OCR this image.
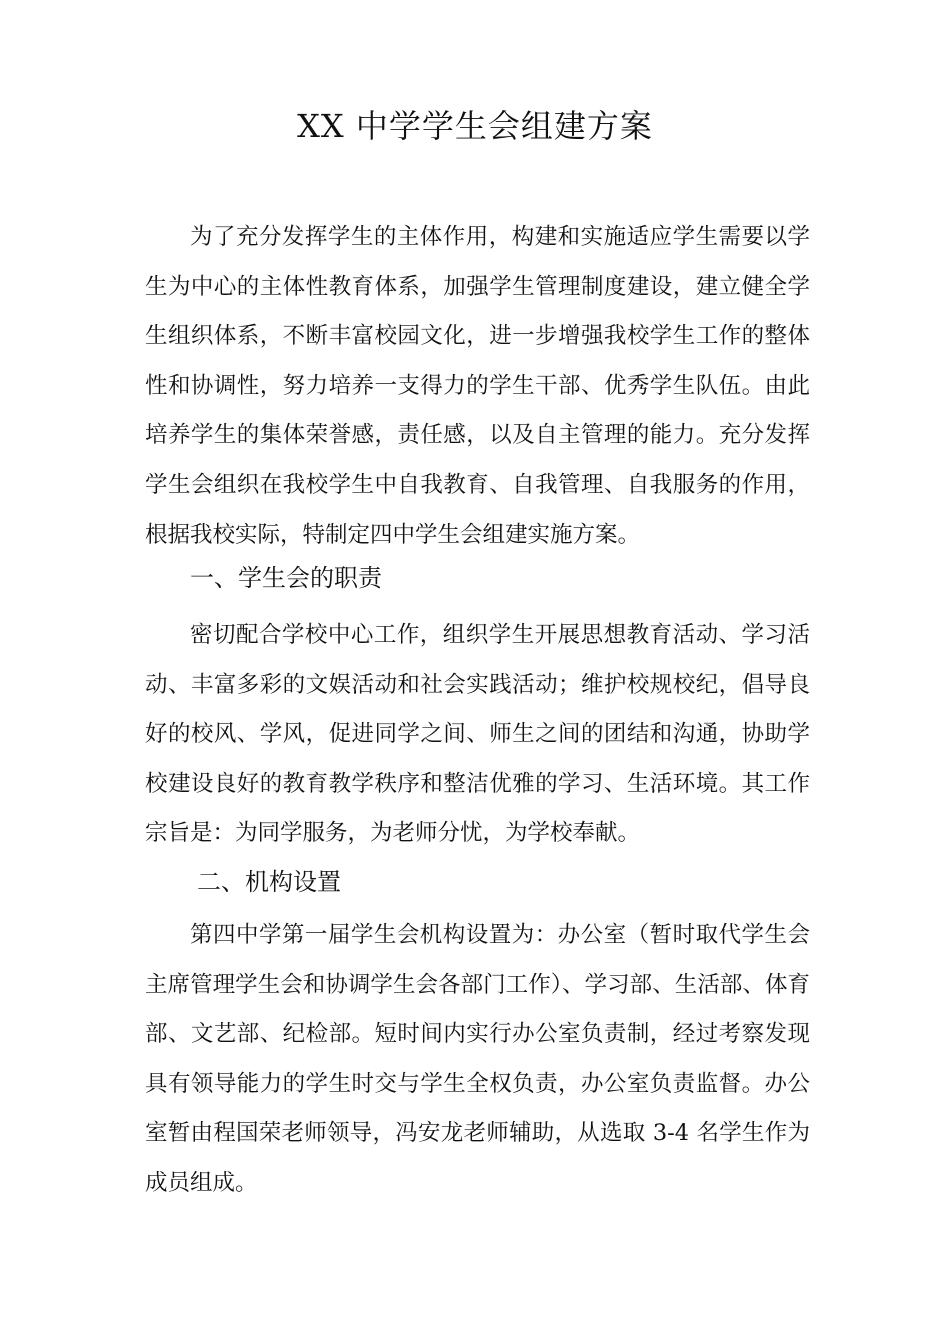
XX 中学学生会组建方案

为了充分发挥学生的主体作用，构建和实施适应学生需要以学生为中心的主体性教育体系，加强学生管理制度建设，建立健全学生组织体系，不断丰富校园文化，进一步增强我校学生工作的整体性和协调性，努力培养一支得力的学生干部、优秀学生队伍。由此培养学生的集体荣誉感，责任感，以及自主管理的能力。充分发挥学生会组织在我校学生中自我教育、自我管理、自我服务的作用，根据我校实际，特制定四中学生会组建实施方案。

一、学生会的职责

密切配合学校中心工作，组织学生开展思想教育活动、学习活动、丰富多彩的文娱活动和社会实践活动；维护校规校纪，倡导良好的校风、学风，促进同学之间、师生之间的团结和沟通，协助学校建设良好的教育教学秩序和整洁优雅的学习、生活环境。其工作宗旨是：为同学服务，为老师分忧，为学校奉献。

二、机构设置

第四中学第一届学生会机构设置为：办公室（暂时取代学生会主席管理学生会和协调学生会各部门工作）、学习部、生活部、体育部、文艺部、纪检部。短时间内实行办公室负责制，经过考察发现具有领导能力的学生时交与学生全权负责，办公室负责监督。办公室暂由程国荣老师领导，冯安龙老师辅助，从选取 3-4 名学生作为成员组成。
